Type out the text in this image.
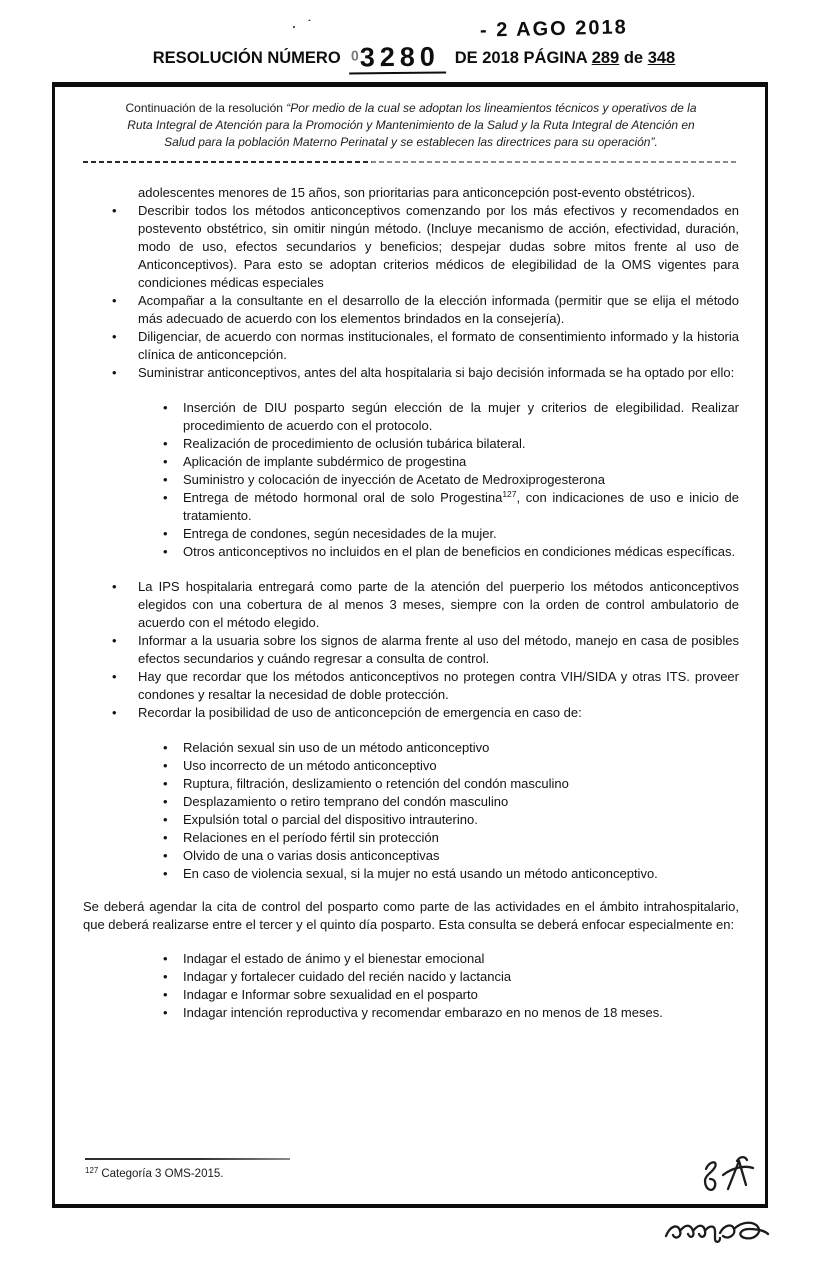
· ˙	- 2 AGO 2018
RESOLUCIÓN NÚMERO $^0$3280 DE 2018 PÁGINA 289 de 348

Continuación de la resolución “Por medio de la cual se adoptan los lineamientos técnicos y operativos de la Ruta Integral de Atención para la Promoción y Mantenimiento de la Salud y la Ruta Integral de Atención en Salud para la población Materno Perinatal y se establecen las directrices para su operación”.

adolescentes menores de 15 años, son prioritarias para anticoncepción post-evento obstétricos).

• Describir todos los métodos anticonceptivos comenzando por los más efectivos y recomendados en postevento obstétrico, sin omitir ningún método. (Incluye mecanismo de acción, efectividad, duración, modo de uso, efectos secundarios y beneficios; despejar dudas sobre mitos frente al uso de Anticonceptivos). Para esto se adoptan criterios médicos de elegibilidad de la OMS vigentes para condiciones médicas especiales
• Acompañar a la consultante en el desarrollo de la elección informada (permitir que se elija el método más adecuado de acuerdo con los elementos brindados en la consejería).
• Diligenciar, de acuerdo con normas institucionales, el formato de consentimiento informado y la historia clínica de anticoncepción.
• Suministrar anticonceptivos, antes del alta hospitalaria si bajo decisión informada se ha optado por ello:
• Inserción de DIU posparto según elección de la mujer y criterios de elegibilidad. Realizar procedimiento de acuerdo con el protocolo.
• Realización de procedimiento de oclusión tubárica bilateral.
• Aplicación de implante subdérmico de progestina
• Suministro y colocación de inyección de Acetato de Medroxiprogesterona
• Entrega de método hormonal oral de solo Progestina$^{127}$, con indicaciones de uso e inicio de tratamiento.
• Entrega de condones, según necesidades de la mujer.
• Otros anticonceptivos no incluidos en el plan de beneficios en condiciones médicas específicas.
• La IPS hospitalaria entregará como parte de la atención del puerperio los métodos anticonceptivos elegidos con una cobertura de al menos 3 meses, siempre con la orden de control ambulatorio de acuerdo con el método elegido.
• Informar a la usuaria sobre los signos de alarma frente al uso del método, manejo en casa de posibles efectos secundarios y cuándo regresar a consulta de control.
• Hay que recordar que los métodos anticonceptivos no protegen contra VIH/SIDA y otras ITS. proveer condones y resaltar la necesidad de doble protección.
• Recordar la posibilidad de uso de anticoncepción de emergencia en caso de:
• Relación sexual sin uso de un método anticonceptivo
• Uso incorrecto de un método anticonceptivo
• Ruptura, filtración, deslizamiento o retención del condón masculino
• Desplazamiento o retiro temprano del condón masculino
• Expulsión total o parcial del dispositivo intrauterino.
• Relaciones en el período fértil sin protección
• Olvido de una o varias dosis anticonceptivas
• En caso de violencia sexual, si la mujer no está usando un método anticonceptivo.

Se deberá agendar la cita de control del posparto como parte de las actividades en el ámbito intrahospitalario, que deberá realizarse entre el tercer y el quinto día posparto. Esta consulta se deberá enfocar especialmente en:

• Indagar el estado de ánimo y el bienestar emocional
• Indagar y fortalecer cuidado del recién nacido y lactancia
• Indagar e Informar sobre sexualidad en el posparto
• Indagar intención reproductiva y recomendar embarazo en no menos de 18 meses.
$^{127}$ Categoría 3 OMS-2015.
